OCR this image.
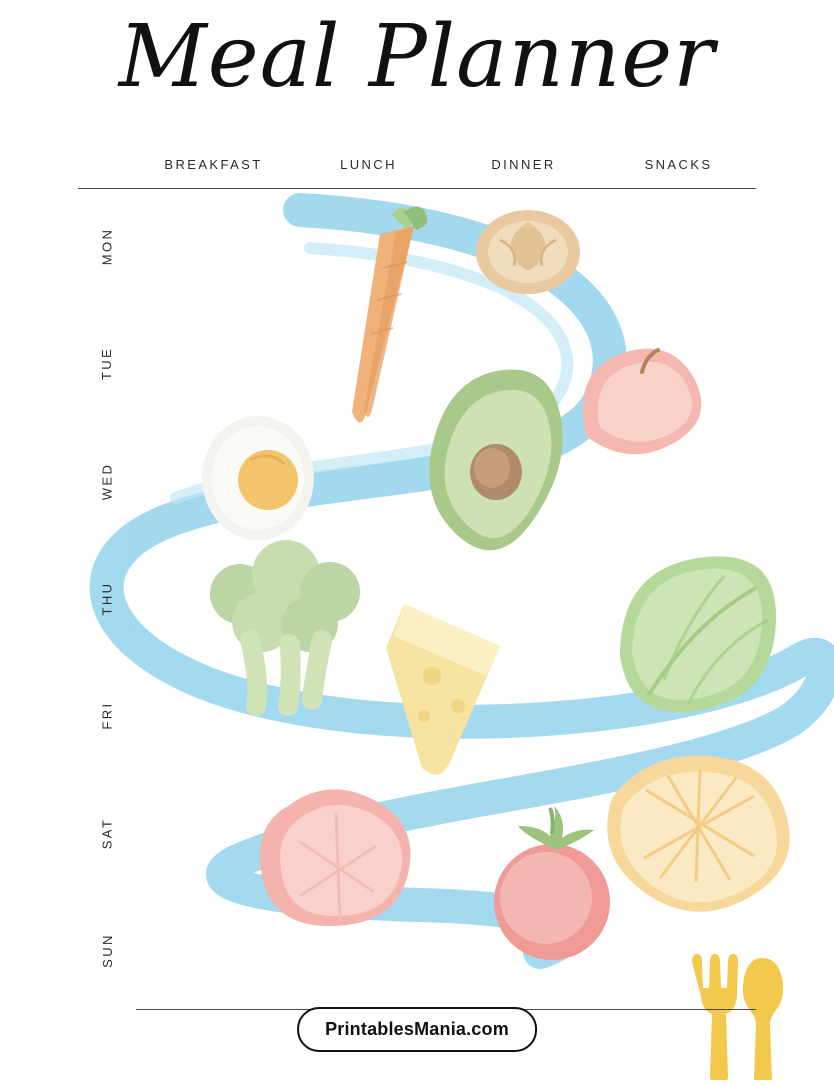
Meal Planner
	BREAKFAST	LUNCH	DINNER	SNACKS
MON				
TUE				
WED				
THU				
FRI				
SAT				
SUN				
PrintablesMania.com
